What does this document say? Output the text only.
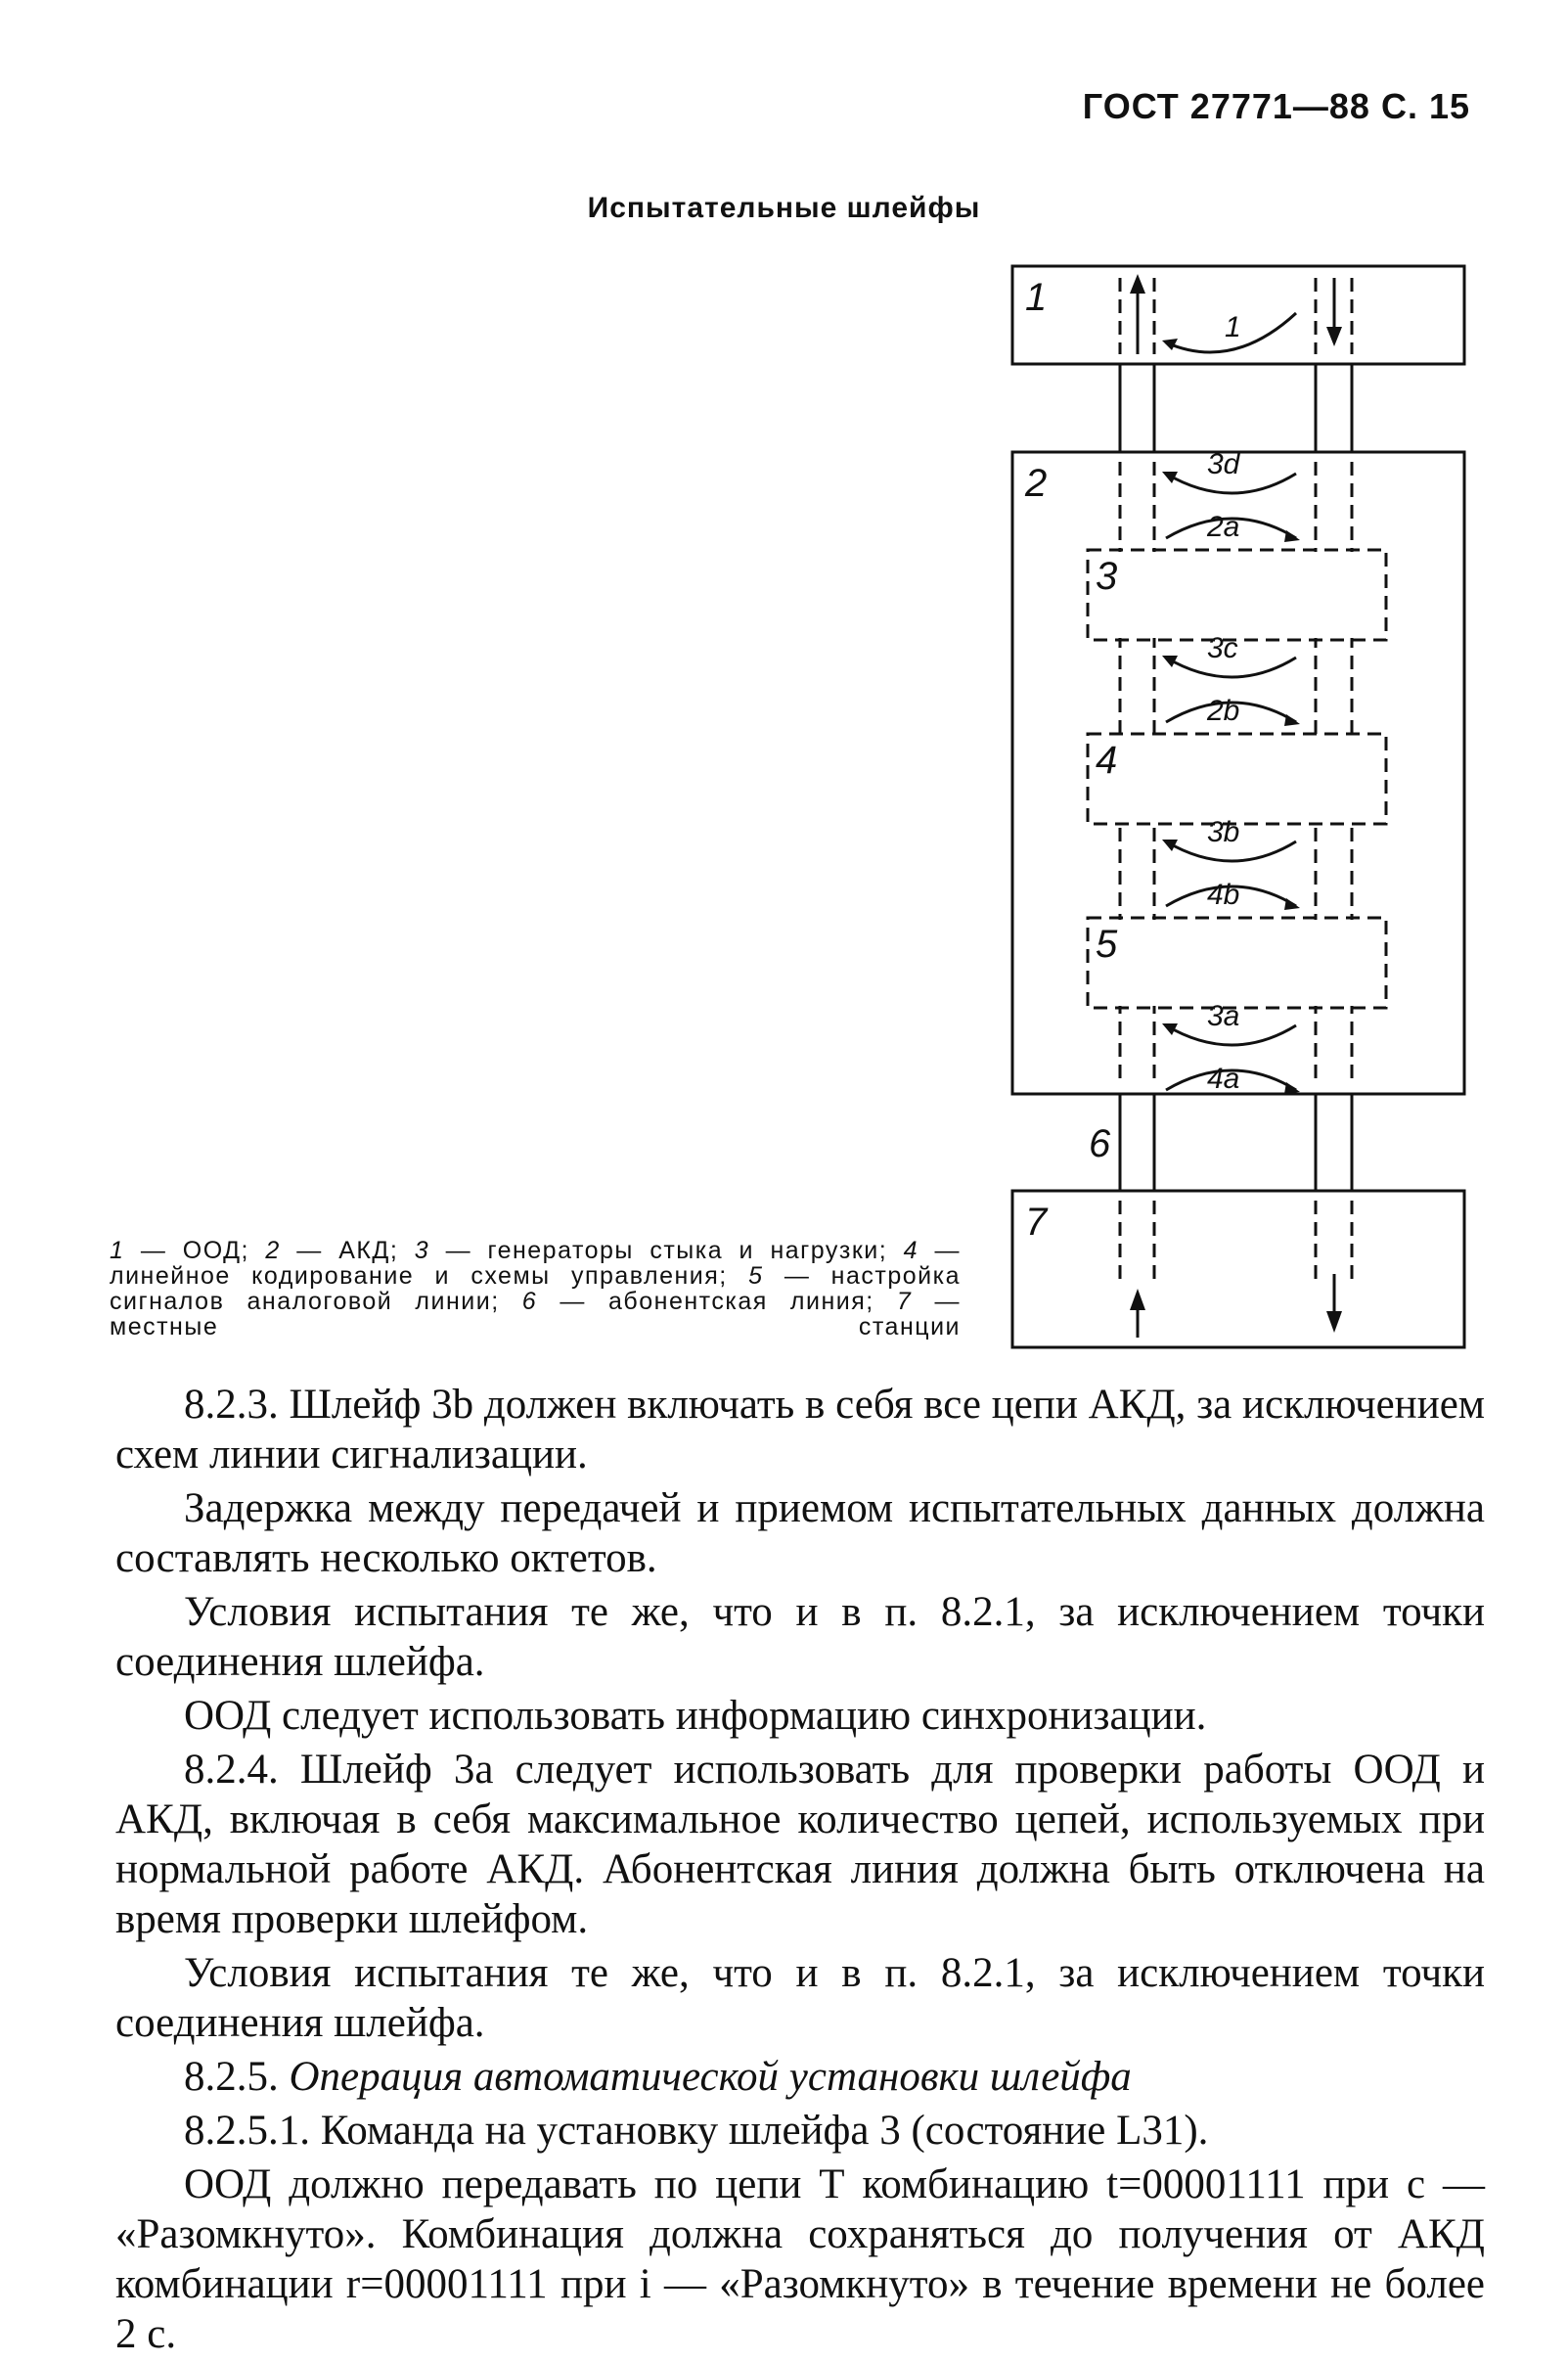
ГОСТ 27771—88 С. 15
Испытательные шлейфы
1
2
3
4
5
6
7
1
3d
2a
3c
2b
3b
4b
3a
4a
1 — ООД; 2 — АКД; 3 — генераторы стыка и нагрузки; 4 — линейное кодирование и схемы управления; 5 — настройка сигналов аналоговой линии; 6 — абонентская линия; 7 — местные станции

8.2.3. Шлейф 3b должен включать в себя все цепи АКД, за исключением схем линии сигнализации.

Задержка между передачей и приемом испытательных данных должна составлять несколько октетов.

Условия испытания те же, что и в п. 8.2.1, за исключением точки соединения шлейфа.

ООД следует использовать информацию синхронизации.

8.2.4. Шлейф 3а следует использовать для проверки работы ООД и АКД, включая в себя максимальное количество цепей, используемых при нормальной работе АКД. Абонентская линия должна быть отключена на время проверки шлейфом.

Условия испытания те же, что и в п. 8.2.1, за исключением точки соединения шлейфа.

8.2.5. Операция автоматической установки шлейфа

8.2.5.1. Команда на установку шлейфа 3 (состояние L31).

ООД должно передавать по цепи Т комбинацию t=00001111 при с — «Разомкнуто». Комбинация должна сохраняться до получения от АКД комбинации r=00001111 при i — «Разомкнуто» в течение времени не более 2 с.
